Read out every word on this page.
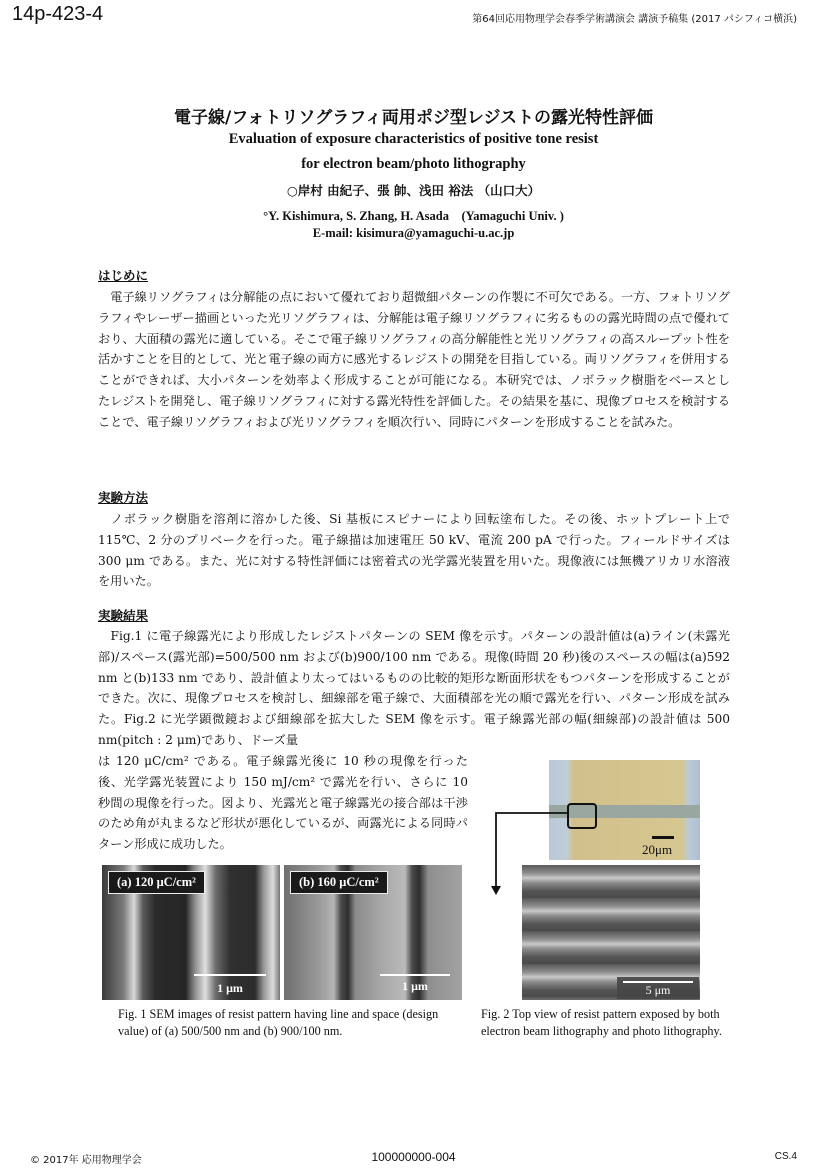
14p-423-4	第64回応用物理学会春季学術講演会 講演予稿集 (2017 パシフィコ横浜)
電子線/フォトリソグラフィ両用ポジ型レジストの露光特性評価
Evaluation of exposure characteristics of positive tone resist
for electron beam/photo lithography
○岸村 由紀子、張 帥、浅田 裕法 （山口大）
°Y. Kishimura, S. Zhang, H. Asada　(Yamaguchi Univ. )
E-mail: kisimura@yamaguchi-u.ac.jp
はじめに
　電子線リソグラフィは分解能の点において優れており超微細パターンの作製に不可欠である。一方、フォトリソグラフィやレーザー描画といった光リソグラフィは、分解能は電子線リソグラフィに劣るものの露光時間の点で優れており、大面積の露光に適している。そこで電子線リソグラフィの高分解能性と光リソグラフィの高スループット性を活かすことを目的として、光と電子線の両方に感光するレジストの開発を目指している。両リソグラフィを併用することができれば、大小パターンを効率よく形成することが可能になる。本研究では、ノボラック樹脂をベースとしたレジストを開発し、電子線リソグラフィに対する露光特性を評価した。その結果を基に、現像プロセスを検討することで、電子線リソグラフィおよび光リソグラフィを順次行い、同時にパターンを形成することを試みた。
実験方法
　ノボラック樹脂を溶剤に溶かした後、Si 基板にスピナーにより回転塗布した。その後、ホットプレート上で 115℃、2 分のプリベークを行った。電子線描は加速電圧 50 kV、電流 200 pA で行った。フィールドサイズは 300 μm である。また、光に対する特性評価には密着式の光学露光装置を用いた。現像液には無機アリカリ水溶液を用いた。
実験結果
　Fig.1 に電子線露光により形成したレジストパターンの SEM 像を示す。パターンの設計値は(a)ライン(未露光部)/スペース(露光部)=500/500 nm および(b)900/100 nm である。現像(時間 20 秒)後のスペースの幅は(a)592 nm と(b)133 nm であり、設計値より太ってはいるものの比較的矩形な断面形状をもつパターンを形成することができた。次に、現像プロセスを検討し、細線部を電子線で、大面積部を光の順で露光を行い、パターン形成を試みた。Fig.2 に光学顕微鏡および細線部を拡大した SEM 像を示す。電子線露光部の幅(細線部)の設計値は 500 nm(pitch : 2 μm)であり、ドーズ量
は 120 μC/cm² である。電子線露光後に 10 秒の現像を行った後、光学露光装置により 150 mJ/cm² で露光を行い、さらに 10 秒間の現像を行った。図より、光露光と電子線露光の接合部は干渉のため角が丸まるなど形状が悪化しているが、両露光による同時パターン形成に成功した。
(a) 120 μC/cm²
1 μm
(b) 160 μC/cm²
1 μm
Fig. 1 SEM images of resist pattern having line and space (design value) of (a) 500/500 nm and (b) 900/100 nm.
20μm
5 μm
Fig. 2 Top view of resist pattern exposed by both electron beam lithography and photo lithography.
© 2017年 応用物理学会	100000000-004	CS.4
